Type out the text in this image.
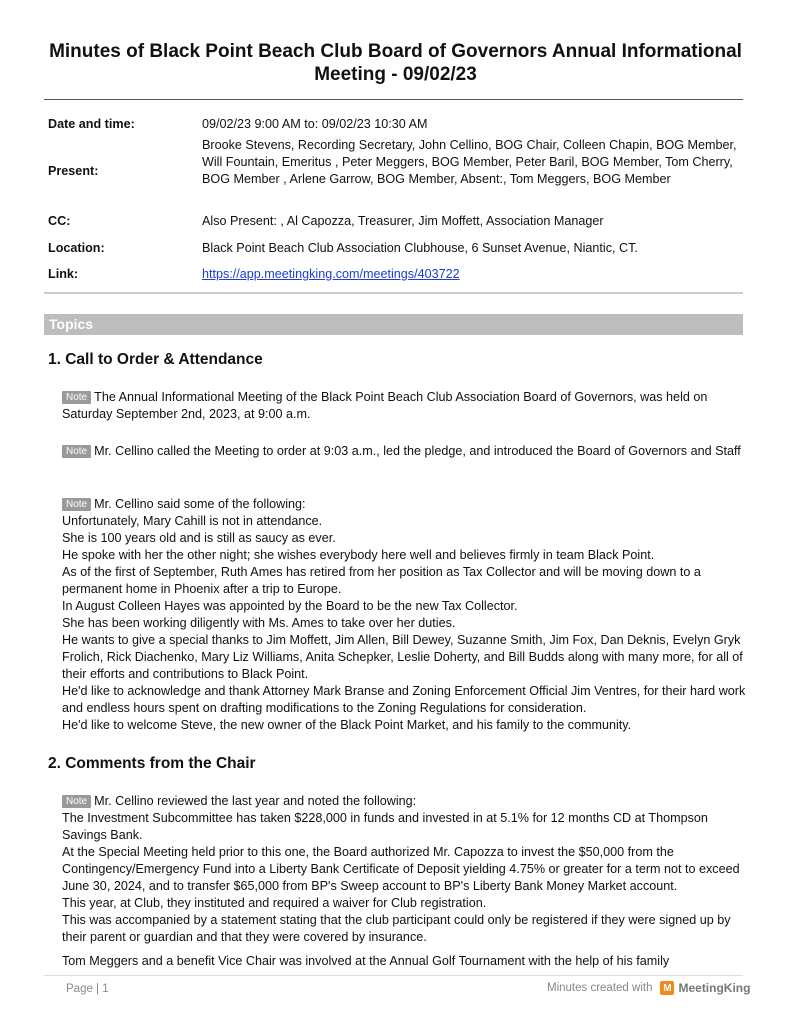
Minutes of Black Point Beach Club Board of Governors Annual Informational Meeting - 09/02/23
Date and time:	09/02/23 9:00 AM to: 09/02/23 10:30 AM
Present:
Brooke Stevens, Recording Secretary, John Cellino, BOG Chair, Colleen Chapin, BOG Member, Will Fountain, Emeritus , Peter Meggers, BOG Member, Peter Baril, BOG Member, Tom Cherry, BOG Member , Arlene Garrow, BOG Member, Absent:, Tom Meggers, BOG Member
CC:	Also Present: , Al Capozza, Treasurer, Jim Moffett, Association Manager
Location:	Black Point Beach Club Association Clubhouse, 6 Sunset Avenue, Niantic, CT.
Link:	https://app.meetingking.com/meetings/403722
Topics
1. Call to Order & Attendance

Note The Annual Informational Meeting of the Black Point Beach Club Association Board of Governors, was held on Saturday September 2nd, 2023, at 9:00 a.m.

Note Mr. Cellino called the Meeting to order at 9:03 a.m., led the pledge, and introduced the Board of Governors and Staff

Note Mr. Cellino said some of the following:

Unfortunately, Mary Cahill is not in attendance.

She is 100 years old and is still as saucy as ever.

He spoke with her the other night; she wishes everybody here well and believes firmly in team Black Point.

As of the first of September, Ruth Ames has retired from her position as Tax Collector and will be moving down to a permanent home in Phoenix after a trip to Europe.

In August Colleen Hayes was appointed by the Board to be the new Tax Collector.

She has been working diligently with Ms. Ames to take over her duties.

He wants to give a special thanks to Jim Moffett, Jim Allen, Bill Dewey, Suzanne Smith, Jim Fox, Dan Deknis, Evelyn Gryk Frolich, Rick Diachenko, Mary Liz Williams, Anita Schepker, Leslie Doherty, and Bill Budds along with many more, for all of their efforts and contributions to Black Point.

He'd like to acknowledge and thank Attorney Mark Branse and Zoning Enforcement Official Jim Ventres, for their hard work and endless hours spent on drafting modifications to the Zoning Regulations for consideration.

He'd like to welcome Steve, the new owner of the Black Point Market, and his family to the community.

2. Comments from the Chair

Note Mr. Cellino reviewed the last year and noted the following:

The Investment Subcommittee has taken $228,000 in funds and invested in at 5.1% for 12 months CD at Thompson Savings Bank.

At the Special Meeting held prior to this one, the Board authorized Mr. Capozza to invest the $50,000 from the Contingency/Emergency Fund into a Liberty Bank Certificate of Deposit yielding 4.75% or greater for a term not to exceed June 30, 2024, and to transfer $65,000 from BP's Sweep account to BP's Liberty Bank Money Market account.

This year, at Club, they instituted and required a waiver for Club registration.

This was accompanied by a statement stating that the club participant could only be registered if they were signed up by their parent or guardian and that they were covered by insurance.

Tom Meggers and a benefit Vice Chair was involved at the Annual Golf Tournament with the help of his family
Page | 1	Minutes created with M MeetingKing
